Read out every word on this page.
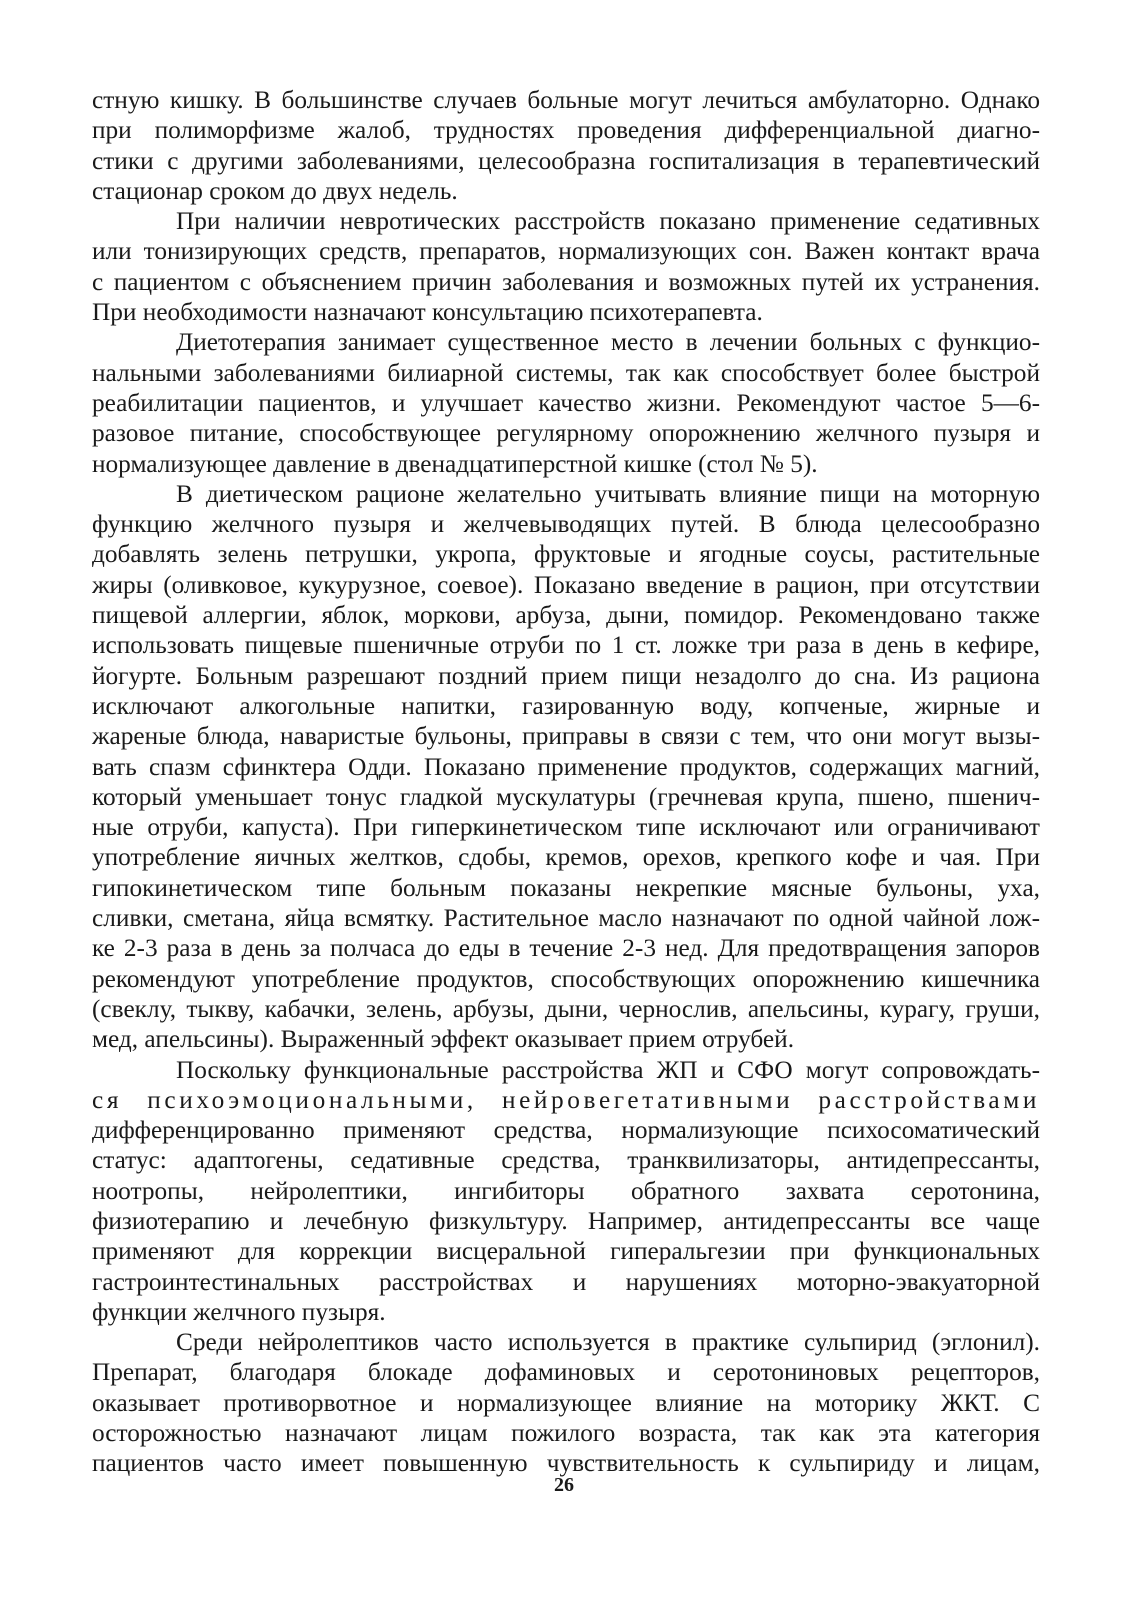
стную кишку. В большинстве случаев больные могут лечиться амбулаторно. Однако
при полиморфизме жалоб, трудностях проведения дифференциальной диагно-
стики с другими заболеваниями, целесообразна госпитализация в терапевтический
стационар сроком до двух недель.
При наличии невротических расстройств показано применение седативных
или тонизирующих средств, препаратов, нормализующих сон. Важен контакт врача
с пациентом с объяснением причин заболевания и возможных путей их устранения.
При необходимости назначают консультацию психотерапевта.
Диетотерапия занимает существенное место в лечении больных с функцио-
нальными заболеваниями билиарной системы, так как способствует более быстрой
реабилитации пациентов, и улучшает качество жизни. Рекомендуют частое 5—6-
разовое питание, способствующее регулярному опорожнению желчного пузыря и
нормализующее давление в двенадцатиперстной кишке (стол № 5).
В диетическом рационе желательно учитывать влияние пищи на моторную
функцию желчного пузыря и желчевыводящих путей. В блюда целесообразно
добавлять зелень петрушки, укропа, фруктовые и ягодные соусы, растительные
жиры (оливковое, кукурузное, соевое). Показано введение в рацион, при отсутствии
пищевой аллергии, яблок, моркови, арбуза, дыни, помидор. Рекомендовано также
использовать пищевые пшеничные отруби по 1 ст. ложке три раза в день в кефире,
йогурте. Больным разрешают поздний прием пищи незадолго до сна. Из рациона
исключают алкогольные напитки, газированную воду, копченые, жирные и
жареные блюда, наваристые бульоны, приправы в связи с тем, что они могут вызы-
вать спазм сфинктера Одди. Показано применение продуктов, содержащих магний,
который уменьшает тонус гладкой мускулатуры (гречневая крупа, пшено, пшенич-
ные отруби, капуста). При гиперкинетическом типе исключают или ограничивают
употребление яичных желтков, сдобы, кремов, орехов, крепкого кофе и чая. При
гипокинетическом типе больным показаны некрепкие мясные бульоны, уха,
сливки, сметана, яйца всмятку. Растительное масло назначают по одной чайной лож-
ке 2-3 раза в день за полчаса до еды в течение 2-3 нед. Для предотвращения запоров
рекомендуют употребление продуктов, способствующих опорожнению кишечника
(свеклу, тыкву, кабачки, зелень, арбузы, дыни, чернослив, апельсины, курагу, груши,
мед, апельсины). Выраженный эффект оказывает прием отрубей.
Поскольку функциональные расстройства ЖП и СФО могут сопровождать-
ся психоэмоциональными, нейровегетативными расстройствами
дифференцированно применяют средства, нормализующие психосоматический
статус: адаптогены, седативные средства, транквилизаторы, антидепрессанты,
ноотропы, нейролептики, ингибиторы обратного захвата серотонина,
физиотерапию и лечебную физкультуру. Например, антидепрессанты все чаще
применяют для коррекции висцеральной гиперальгезии при функциональных
гастроинтестинальных расстройствах и нарушениях моторно-эвакуаторной
функции желчного пузыря.
Среди нейролептиков часто используется в практике сульпирид (эглонил).
Препарат, благодаря блокаде дофаминовых и серотониновых рецепторов,
оказывает противорвотное и нормализующее влияние на моторику ЖКТ. С
осторожностью назначают лицам пожилого возраста, так как эта категория
пациентов часто имеет повышенную чувствительность к сульпириду и лицам,
26
